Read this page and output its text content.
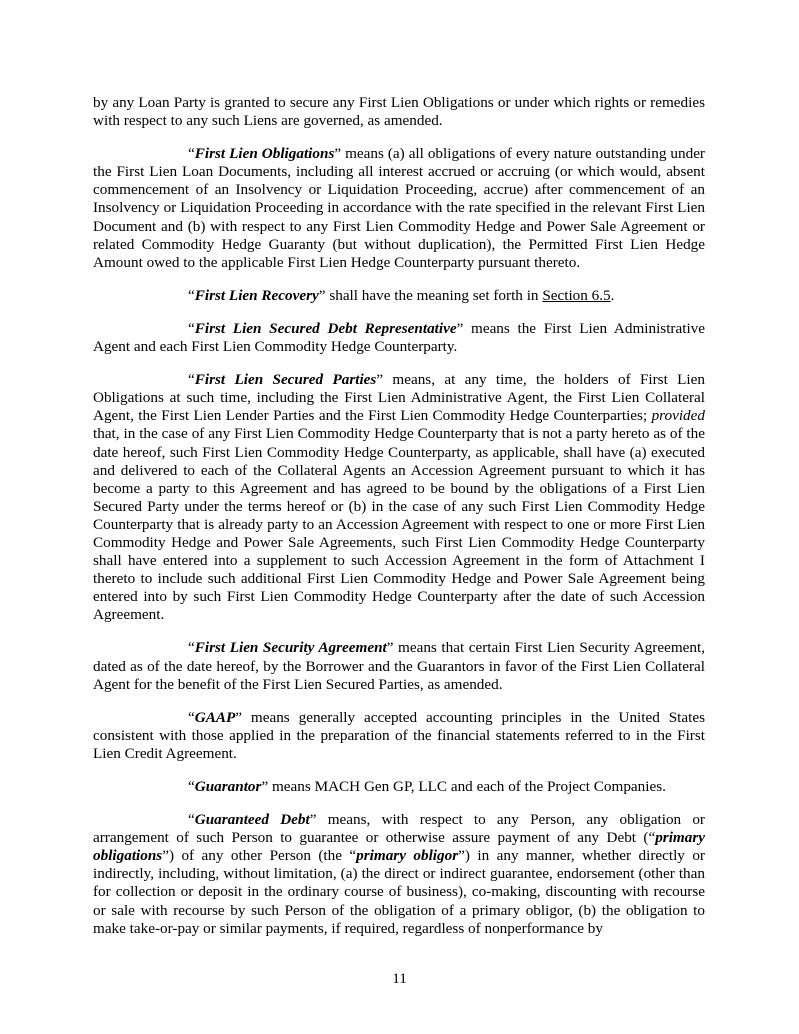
by any Loan Party is granted to secure any First Lien Obligations or under which rights or remedies with respect to any such Liens are governed, as amended.

“First Lien Obligations” means (a) all obligations of every nature outstanding under the First Lien Loan Documents, including all interest accrued or accruing (or which would, absent commencement of an Insolvency or Liquidation Proceeding, accrue) after commencement of an Insolvency or Liquidation Proceeding in accordance with the rate specified in the relevant First Lien Document and (b) with respect to any First Lien Commodity Hedge and Power Sale Agreement or related Commodity Hedge Guaranty (but without duplication), the Permitted First Lien Hedge Amount owed to the applicable First Lien Hedge Counterparty pursuant thereto.

“First Lien Recovery” shall have the meaning set forth in Section 6.5.

“First Lien Secured Debt Representative” means the First Lien Administrative Agent and each First Lien Commodity Hedge Counterparty.

“First Lien Secured Parties” means, at any time, the holders of First Lien Obligations at such time, including the First Lien Administrative Agent, the First Lien Collateral Agent, the First Lien Lender Parties and the First Lien Commodity Hedge Counterparties; provided that, in the case of any First Lien Commodity Hedge Counterparty that is not a party hereto as of the date hereof, such First Lien Commodity Hedge Counterparty, as applicable, shall have (a) executed and delivered to each of the Collateral Agents an Accession Agreement pursuant to which it has become a party to this Agreement and has agreed to be bound by the obligations of a First Lien Secured Party under the terms hereof or (b) in the case of any such First Lien Commodity Hedge Counterparty that is already party to an Accession Agreement with respect to one or more First Lien Commodity Hedge and Power Sale Agreements, such First Lien Commodity Hedge Counterparty shall have entered into a supplement to such Accession Agreement in the form of Attachment I thereto to include such additional First Lien Commodity Hedge and Power Sale Agreement being entered into by such First Lien Commodity Hedge Counterparty after the date of such Accession Agreement.

“First Lien Security Agreement” means that certain First Lien Security Agreement, dated as of the date hereof, by the Borrower and the Guarantors in favor of the First Lien Collateral Agent for the benefit of the First Lien Secured Parties, as amended.

“GAAP” means generally accepted accounting principles in the United States consistent with those applied in the preparation of the financial statements referred to in the First Lien Credit Agreement.

“Guarantor” means MACH Gen GP, LLC and each of the Project Companies.

“Guaranteed Debt” means, with respect to any Person, any obligation or arrangement of such Person to guarantee or otherwise assure payment of any Debt (“primary obligations”) of any other Person (the “primary obligor”) in any manner, whether directly or indirectly, including, without limitation, (a) the direct or indirect guarantee, endorsement (other than for collection or deposit in the ordinary course of business), co-making, discounting with recourse or sale with recourse by such Person of the obligation of a primary obligor, (b) the obligation to make take-or-pay or similar payments, if required, regardless of nonperformance by

11
